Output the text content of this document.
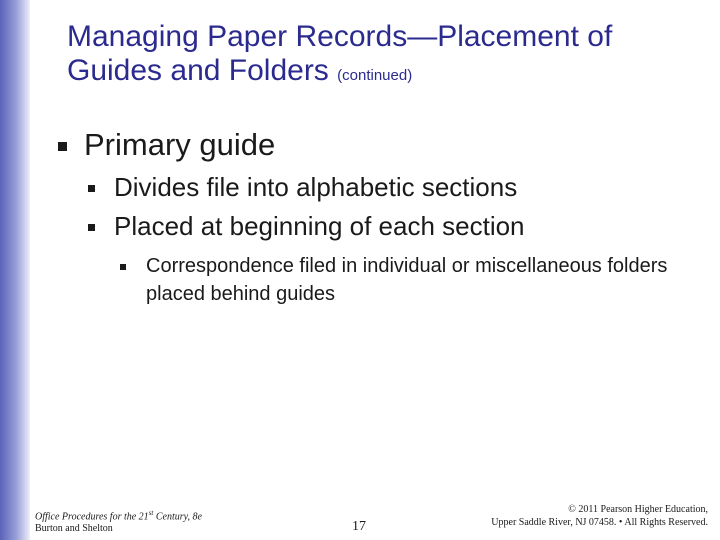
Managing Paper Records—Placement of Guides and Folders (continued)
Primary guide
Divides file into alphabetic sections
Placed at beginning of each section
Correspondence filed in individual or miscellaneous folders placed behind guides
Office Procedures for the 21st Century, 8e
Burton and Shelton	17
© 2011 Pearson Higher Education,
Upper Saddle River, NJ 07458. • All Rights Reserved.
